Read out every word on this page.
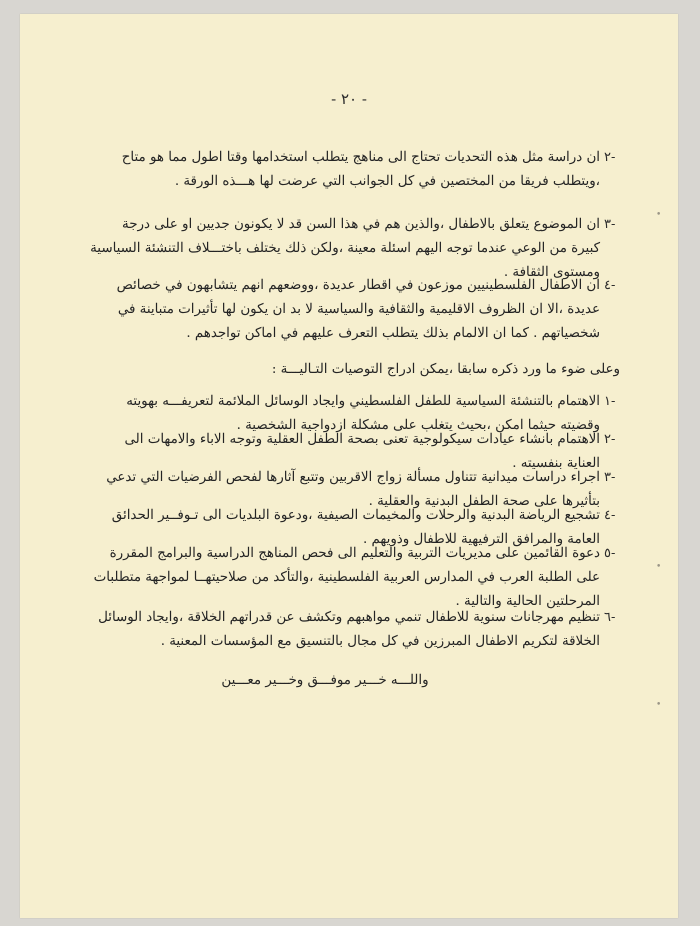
- ٢٠ -
٢-
ان دراسة مثل هذه التحديات تحتاج الى مناهج يتطلب استخدامها وقتا اطول مما هو متاح ،ويتطلب فريقا من المختصين في كل الجوانب التي عرضت لها هـــذه الورقة .
٣-
ان الموضوع يتعلق بالاطفال ،والذين هم في هذا السن قد لا يكونون جديين او على درجة كبيرة من الوعي عندما توجه اليهم اسئلة معينة ،ولكن ذلك يختلف باختـــلاف التنشئة السياسية ومستوى الثقافة .
٤-
ان الاطفال الفلسطينيين موزعون في اقطار عديدة ،ووضعهم انهم يتشابهون في خصائص عديدة ،الا ان الظروف الاقليمية والثقافية والسياسية لا بد ان يكون لها تأثيرات متباينة في شخصياتهم . كما ان الالمام بذلك يتطلب التعرف عليهم في اماكن تواجدهم .
وعلى ضوء ما ورد ذكره سابقا ،يمكن ادراج التوصيات التـاليـــة :
١-
الاهتمام بالتنشئة السياسية للطفل الفلسطيني وايجاد الوسائل الملائمة لتعريفـــه بهويته وقضيته حيثما امكن ،بحيث يتغلب على مشكلة ازدواجية الشخصية .
٢-
الاهتمام بانشاء عيادات سيكولوجية تعنى بصحة الطفل العقلية وتوجه الاباء والامهات الى العناية بنفسيته .
٣-
اجراء دراسات ميدانية تتناول مسألة زواج الاقربين وتتبع آثارها لفحص الفرضيات التي تدعي بتأثيرها على صحة الطفل البدنية والعقلية .
٤-
تشجيع الرياضة البدنية والرحلات والمخيمات الصيفية ،ودعوة البلديات الى تـوفــير الحدائق العامة والمرافق الترفيهية للاطفال وذويهم .
٥-
دعوة القائمين على مديريات التربية والتعليم الى فحص المناهج الدراسية والبرامج المقررة على الطلبة العرب في المدارس العربية الفلسطينية ،والتأكد من صلاحيتهــا لمواجهة متطلبات المرحلتين الحالية والتالية .
٦-
تنظيم مهرجانات سنوية للاطفال تنمي مواهبهم وتكشف عن قدراتهم الخلاقة ،وايجاد الوسائل الخلاقة لتكريم الاطفال المبرزين في كل مجال بالتنسيق مع المؤسسات المعنية .
واللـــه خـــير موفـــق وخـــير معـــين
•
•
•
